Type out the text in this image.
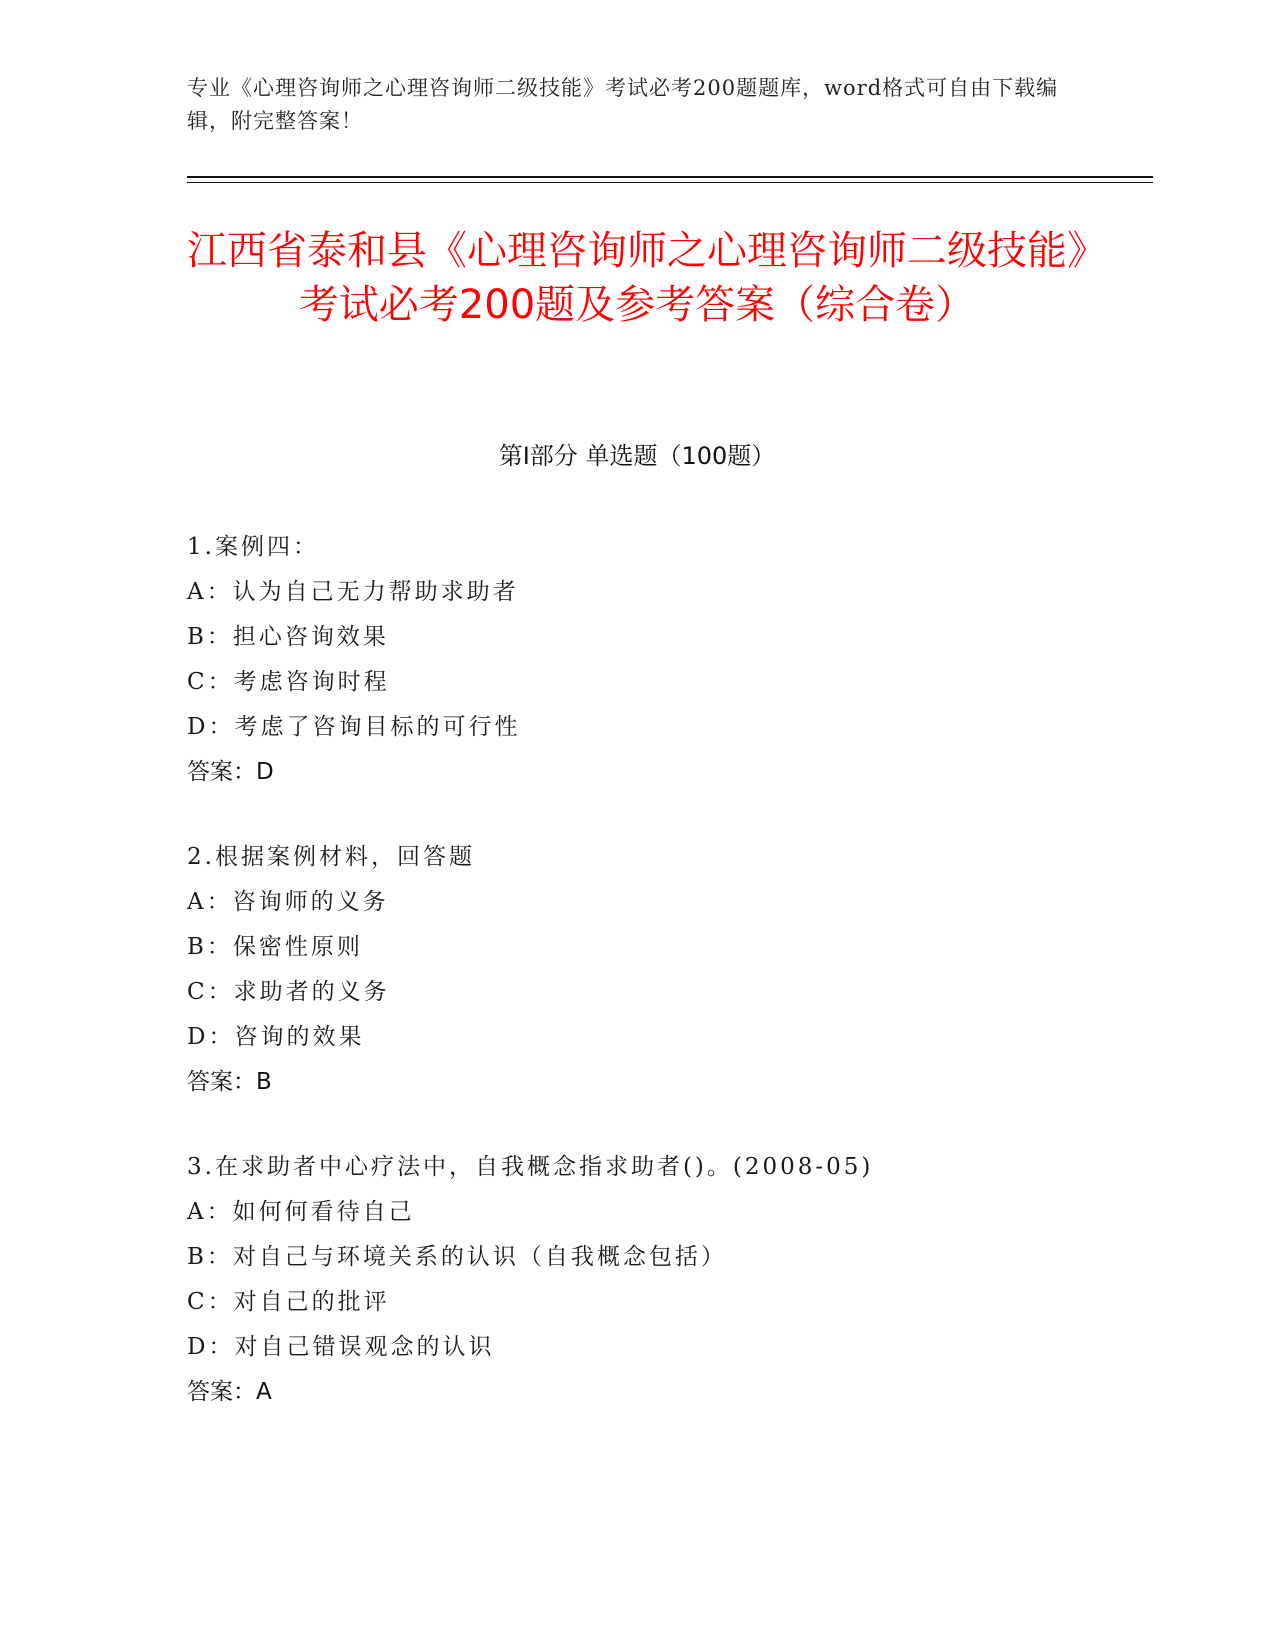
专业《心理咨询师之心理咨询师二级技能》考试必考200题题库，word格式可自由下载编辑，附完整答案！
江西省泰和县《心理咨询师之心理咨询师二级技能》考试必考200题及参考答案（综合卷）
第I部分 单选题（100题）
1.案例四：
A：认为自己无力帮助求助者
B：担心咨询效果
C：考虑咨询时程
D：考虑了咨询目标的可行性
答案：D
2.根据案例材料，回答题
A：咨询师的义务
B：保密性原则
C：求助者的义务
D：咨询的效果
答案：B
3.在求助者中心疗法中，自我概念指求助者()。(2008-05)
A：如何何看待自己
B：对自己与环境关系的认识（自我概念包括）
C：对自己的批评
D：对自己错误观念的认识
答案：A
